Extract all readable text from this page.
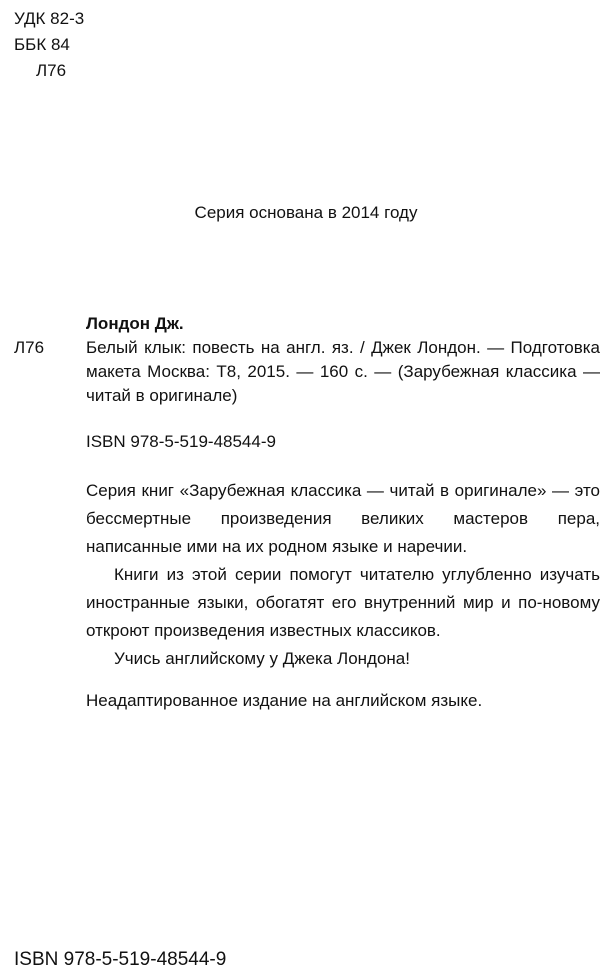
УДК 82-3
ББК 84
Л76
Серия основана в 2014 году
Лондон Дж.
Л76 Белый клык: повесть на англ. яз. / Джек Лондон. — Подготовка макета Москва: Т8, 2015. — 160 с. — (Зарубежная классика — читай в оригинале)
ISBN 978-5-519-48544-9

Серия книг «Зарубежная классика — читай в оригинале» — это бессмертные произведения великих мастеров пера, написанные ими на их родном языке и наречии.

Книги из этой серии помогут читателю углубленно изучать иностранные языки, обогатят его внутренний мир и по-новому откроют произведения известных классиков.

Учись английскому у Джека Лондона!

Неадаптированное издание на английском языке.
ISBN 978-5-519-48544-9
